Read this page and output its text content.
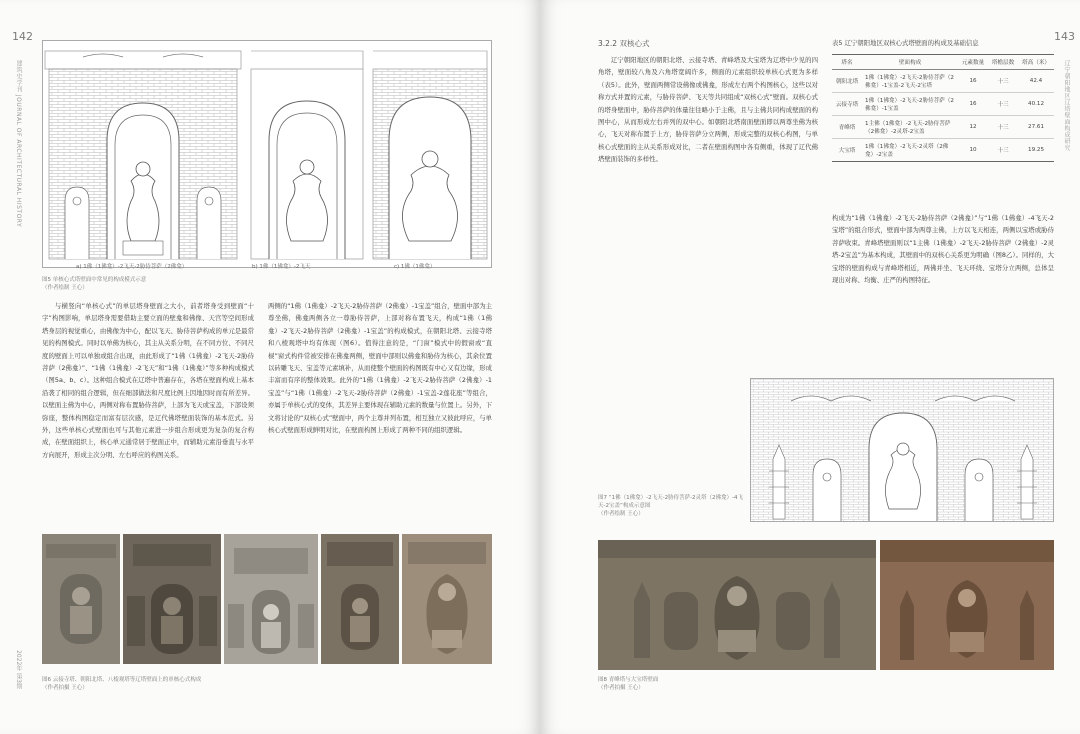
142
建筑史学刊 JOURNAL OF ARCHITECTURAL HISTORY
2022年 第3期
a) 1佛（1佛龛）-2飞天-2胁侍菩萨（2佛龛）	b) 1佛（1佛龛）-2飞天	c) 1佛（1佛龛）
图5 单核心式塔壁面中常见的构成模式示意
（作者绘制 王心）

与横竖向“单核心式”的单层塔身壁面之大小，前者塔身受到壁面“十字”构图影响，单层塔身需要借助主要立面的壁龛和佛像、天宫等空间形成塔身层的视觉重心，由佛像为中心，配以飞天、胁侍菩萨构成的单元是最常见的构图模式。同时以单佛为核心，其主从关系分明，在不同方位、不同尺度的壁面上可以单独或组合出现，由此形成了“1佛（1佛龛）-2飞天-2胁侍菩萨（2佛龛）”、“1佛（1佛龛）-2飞天”和“1佛（1佛龛）”等多种构成模式（图5a、b、c）。这种组合模式在辽塔中普遍存在，各塔在壁面构成上基本沿袭了相同的组合逻辑，但在细部做法和尺度比例上因地因时而有所差异。以壁面主佛为中心，两侧对称布置胁侍菩萨，上部为飞天或宝盖，下部设须弥座，整体构图稳定而富有层次感，是辽代佛塔壁面装饰的基本范式。另外，这些单核心式壁面也可与其他元素进一步组合形成更为复杂的复合构成，在壁面组织上，核心单元通常居于壁面正中，而辅助元素沿垂直与水平方向展开，形成主次分明、左右呼应的构图关系。

两侧的“1佛（1佛龛）-2飞天-2胁侍菩萨（2佛龛）-1宝盖”组合，壁面中部为主尊坐佛，佛龛两侧各立一尊胁侍菩萨，上部对称布置飞天，构成“1佛（1佛龛）-2飞天-2胁侍菩萨（2佛龛）-1宝盖”的构成模式，在朝阳北塔、云接寺塔和八棱观塔中均有体现（图6）。值得注意的是，“门窗”模式中的假窗或“直棂”窗式构件常被安排在佛龛两侧，壁面中部则以佛龛和胁侍为核心，其余位置以砖雕飞天、宝盖等元素填补，从而使整个壁面的构图既有中心又有边缘，形成丰富而有序的整体效果。此外的“1佛（1佛龛）-2飞天-2胁侍菩萨（2佛龛）-1宝盖”与“1佛（1佛龛）-2飞天-2胁侍菩萨（2佛龛）-1宝盖-2莲花座”等组合，亦属于单核心式的变体，其差异主要体现在辅助元素的数量与位置上。另外，下文将讨论的“双核心式”壁面中，两个主尊并列布置，相互独立又彼此呼应，与单核心式壁面形成鲜明对比，在壁面构图上形成了两种不同的组织逻辑。

图6 云接寺塔、朝阳北塔、八棱观塔等辽塔壁面上的单核心式构成
（作者拍摄 王心）
143
辽宁朝阳地区辽塔壁面构成研究
3.2.2 双核心式

辽宁朝阳地区的朝阳北塔、云接寺塔、青峰塔及大宝塔为辽塔中少见的四角塔，壁面较八角及六角塔宽阔许多，侧面的元素组织较单核心式更为多样（表5）。此外，壁面两侧常设佛像或佛龛，形成左右两个构图核心，这些以对称方式并置的元素，与胁侍菩萨、飞天等共同组成“双核心式”壁面。双核心式的塔身壁面中，胁侍菩萨的体量往往略小于主佛，且与主佛共同构成壁面的构图中心，从而形成左右并列的双中心。如朝阳北塔南面壁面即以两尊坐佛为核心，飞天对称布置于上方，胁侍菩萨分立两侧，形成完整的双核心构图，与单核心式壁面的主从关系形成对比，二者在壁面构图中各有侧重，体现了辽代佛塔壁面装饰的多样性。

表5 辽宁朝阳地区双核心式塔壁面的构成及基础信息
塔名	壁面构成	元素数量	塔檐层数	塔高（米）
朝阳北塔	1佛（1佛龛）-2飞天-2胁侍菩萨（2佛龛）-1宝盖-2飞天-2宝塔	16	十三	42.4
云接寺塔	1佛（1佛龛）-2飞天-2胁侍菩萨（2佛龛）-1宝盖	16	十三	40.12
青峰塔	1主佛（1佛龛）-2飞天-2胁侍菩萨（2佛龛）-2灵塔-2宝盖	12	十三	27.61
大宝塔	1佛（1佛龛）-2飞天-2灵塔（2佛龛）-2宝盖	10	十三	19.25

构成为“1佛（1佛龛）-2飞天-2胁侍菩萨（2佛龛）”与“1佛（1佛龛）-4飞天-2宝塔”的组合形式，壁面中部为两尊主佛，上方以飞天相连，两侧以宝塔或胁侍菩萨收束。青峰塔壁面则以“1主佛（1佛龛）-2飞天-2胁侍菩萨（2佛龛）-2灵塔-2宝盖”为基本构成，其壁面中的双核心关系更为明确（图8乙）。同样的，大宝塔的壁面构成与青峰塔相近，两佛并坐、飞天环绕、宝塔分立两侧，总体呈现出对称、均衡、庄严的构图特征。

图7 “1佛（1佛龛）-2飞天-2胁侍菩萨-2灵塔（2佛龛）-4飞天-2宝盖”构成示意图
（作者绘制 王心）
图8 青峰塔与大宝塔壁面
（作者拍摄 王心）
